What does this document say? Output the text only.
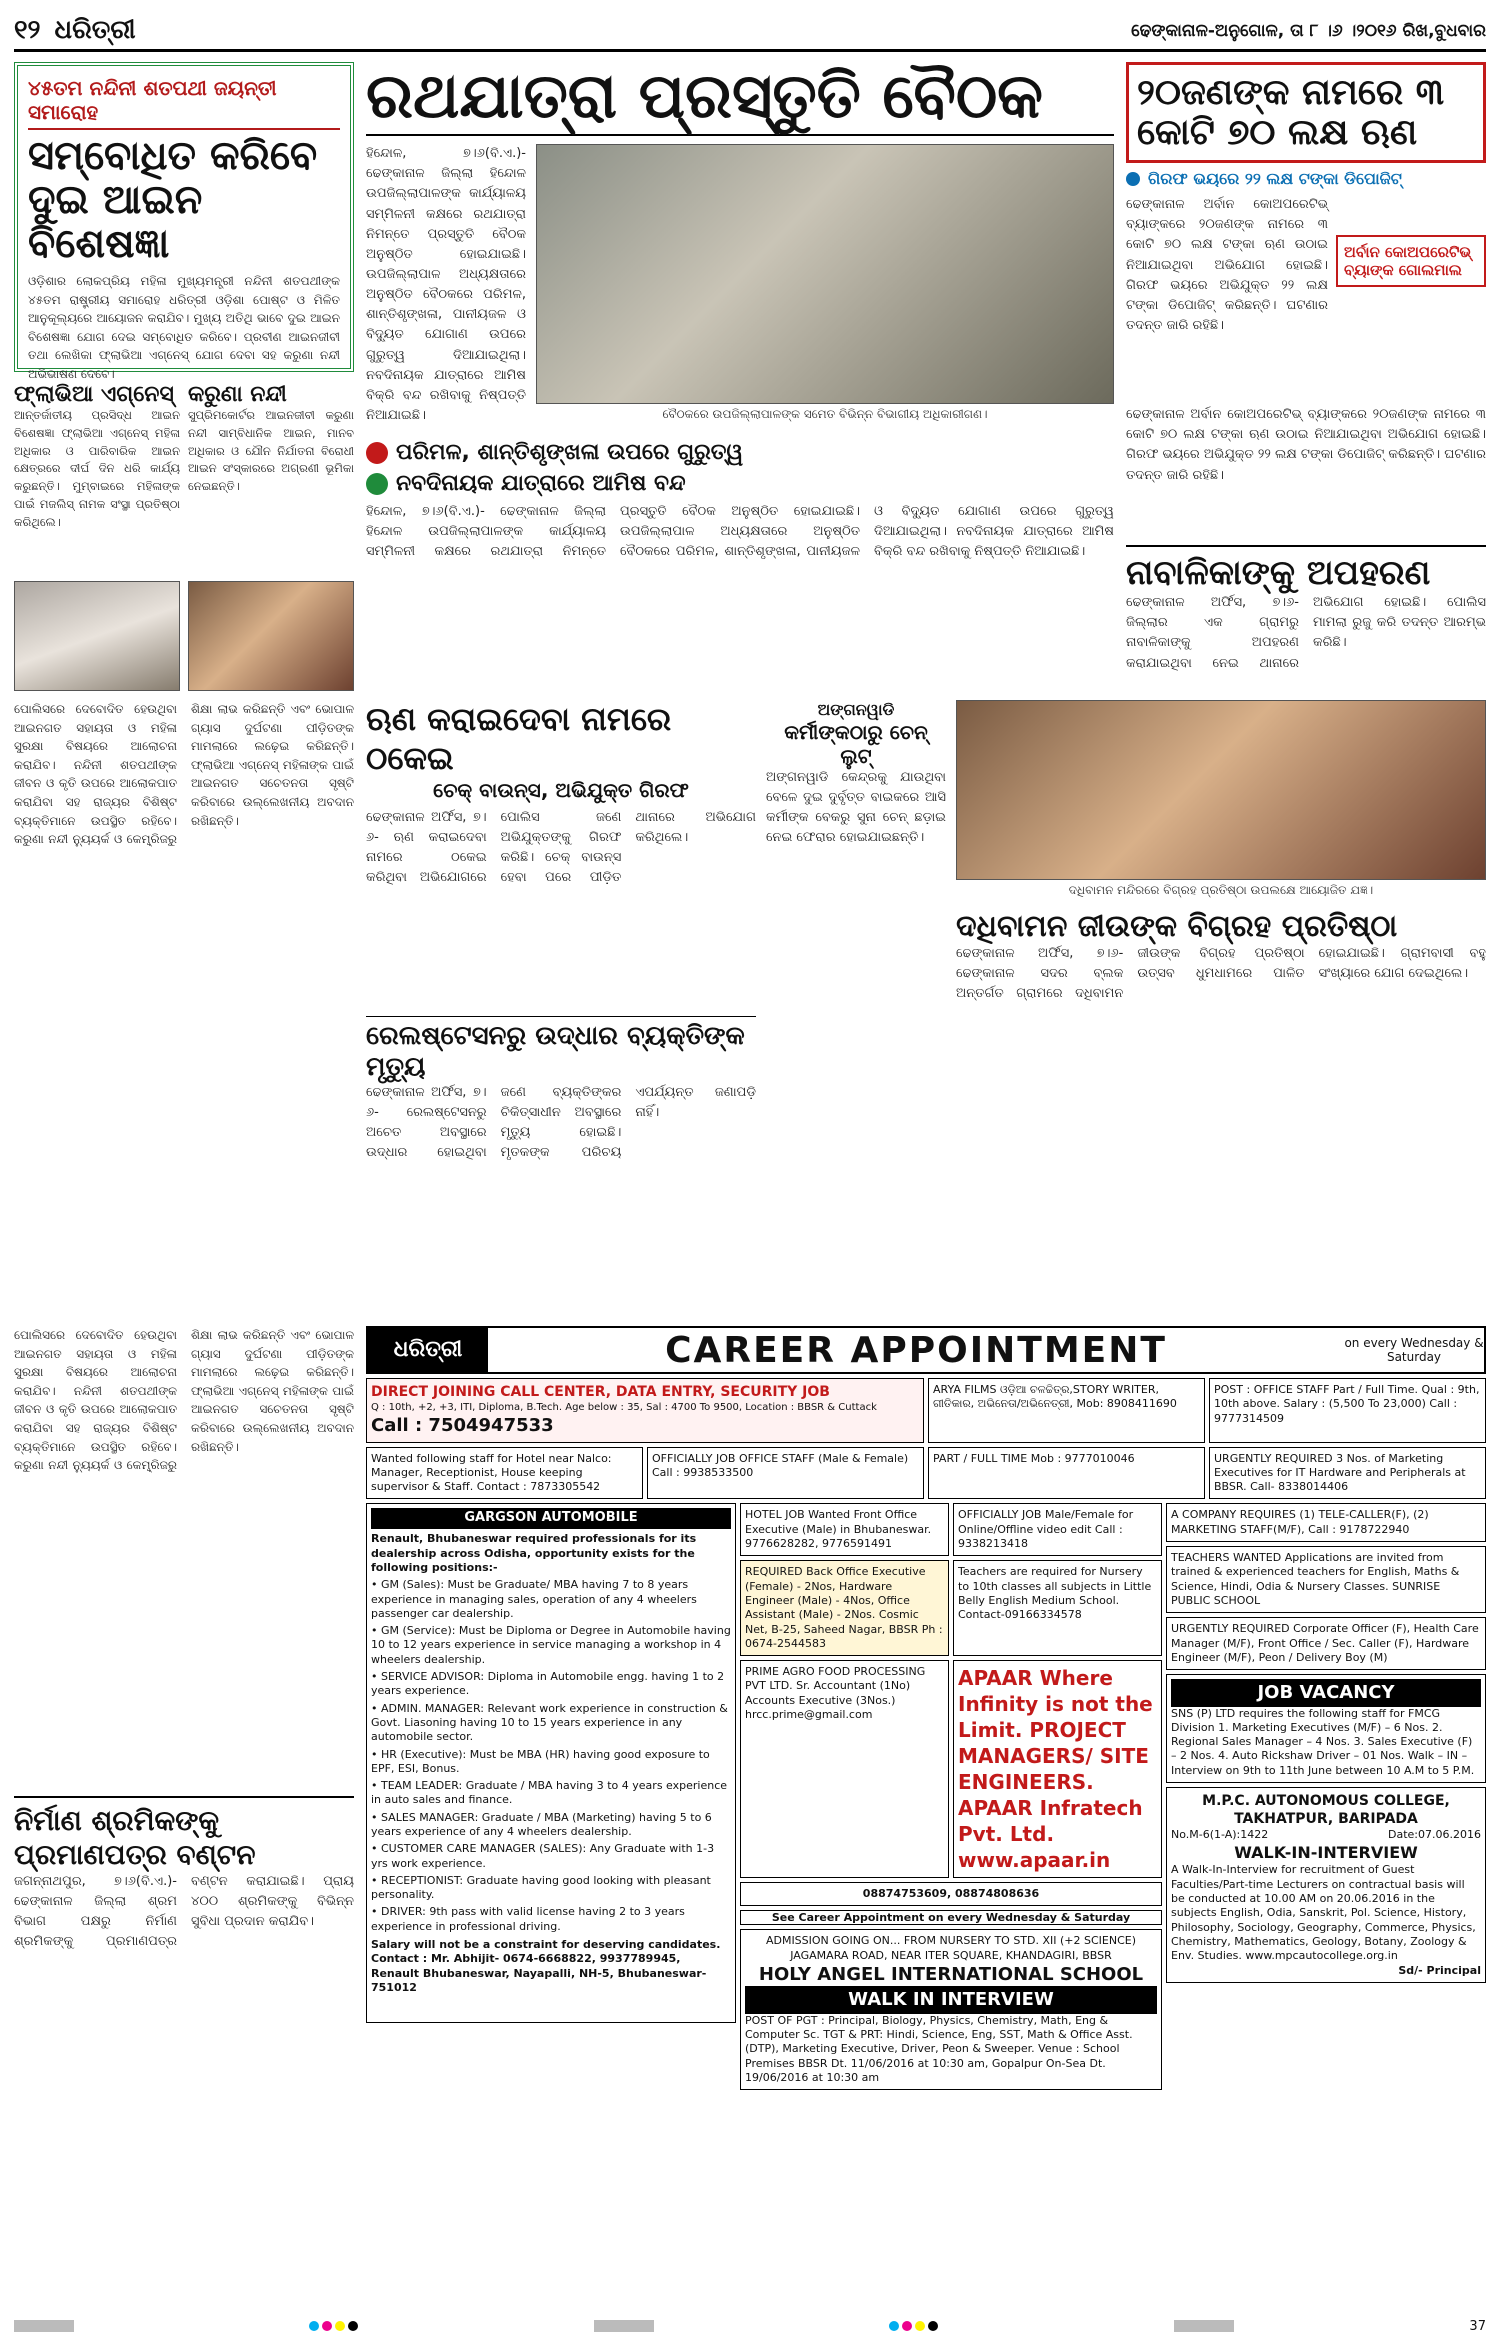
୧୨ ଧରିତ୍ରୀ	ଢେଙ୍କାନାଳ-ଅନୁଗୋଳ, ତା ୮ ।୬ ।୨୦୧୬ ରିଖ,ବୁଧବାର
୪୫ତମ ନନ୍ଦିନୀ ଶତପଥୀ ଜୟନ୍ତୀ ସମାରୋହ
ସମ୍ବୋଧିତ କରିବେ
ଦୁଇ ଆଇନ ବିଶେଷଜ୍ଞା
ଓଡ଼ିଶାର ଲୋକପ୍ରିୟ ମହିଳା ମୁଖ୍ୟମନ୍ତ୍ରୀ ନନ୍ଦିନୀ ଶତପଥୀଙ୍କ ୪୫ତମ ରାଷ୍ଟ୍ରୀୟ ସମାରୋହ ଧରିତ୍ରୀ ଓଡ଼ିଶା ପୋଷ୍ଟ ଓ ମିଳିତ ଆନୁକୂଲ୍ୟରେ ଆୟୋଜନ କରାଯିବ। ମୁଖ୍ୟ ଅତିଥି ଭାବେ ଦୁଇ ଆଇନ ବିଶେଷଜ୍ଞା ଯୋଗ ଦେଇ ସମ୍ବୋଧିତ କରିବେ। ପ୍ରବୀଣ ଆଇନଜୀବୀ ତଥା ଲେଖିକା ଫ୍ଲାଭିଆ ଏଗ୍‌ନେସ୍ ଯୋଗ ଦେବା ସହ କରୁଣା ନନ୍ଦୀ ଅଭିଭାଷଣ ଦେବେ।
ଫ୍ଲାଭିଆ ଏଗ୍‌ନେସ୍
ଆନ୍ତର୍ଜାତୀୟ ପ୍ରସିଦ୍ଧ ଆଇନ ବିଶେଷଜ୍ଞା ଫ୍ଲାଭିଆ ଏଗ୍‌ନେସ୍ ମହିଳା ଅଧିକାର ଓ ପାରିବାରିକ ଆଇନ କ୍ଷେତ୍ରରେ ଦୀର୍ଘ ଦିନ ଧରି କାର୍ଯ୍ୟ କରୁଛନ୍ତି। ମୁମ୍ବାଇରେ ମହିଳାଙ୍କ ପାଇଁ ମଜଲିସ୍ ନାମକ ସଂସ୍ଥା ପ୍ରତିଷ୍ଠା କରିଥିଲେ।
କରୁଣା ନନ୍ଦୀ
ସୁପ୍ରିମକୋର୍ଟର ଆଇନଜୀବୀ କରୁଣା ନନ୍ଦୀ ସାମ୍ବିଧାନିକ ଆଇନ, ମାନବ ଅଧିକାର ଓ ଯୌନ ନିର୍ଯାତନା ବିରୋଧୀ ଆଇନ ସଂସ୍କାରରେ ଅଗ୍ରଣୀ ଭୂମିକା ନେଇଛନ୍ତି।
ରଥଯାତ୍ରା ପ୍ରସ୍ତୁତି ବୈଠକ
ହିନ୍ଦୋଳ, ୭।୬(ବି.ଏ.)- ଢେଙ୍କାନାଳ ଜିଲ୍ଲା ହିନ୍ଦୋଳ ଉପଜିଲ୍ଲାପାଳଙ୍କ କାର୍ଯ୍ୟାଳୟ ସମ୍ମିଳନୀ କକ୍ଷରେ ରଥଯାତ୍ରା ନିମନ୍ତେ ପ୍ରସ୍ତୁତି ବୈଠକ ଅନୁଷ୍ଠିତ ହୋଇଯାଇଛି। ଉପଜିଲ୍ଲାପାଳ ଅଧ୍ୟକ୍ଷତାରେ ଅନୁଷ୍ଠିତ ବୈଠକରେ ପରିମଳ, ଶାନ୍ତିଶୃଙ୍ଖଳା, ପାନୀୟଜଳ ଓ ବିଦ୍ୟୁତ ଯୋଗାଣ ଉପରେ ଗୁରୁତ୍ୱ ଦିଆଯାଇଥିଲା। ନବଦିନାୟକ ଯାତ୍ରାରେ ଆମିଷ ବିକ୍ରି ବନ୍ଦ ରଖିବାକୁ ନିଷ୍ପତ୍ତି ନିଆଯାଇଛି।	ବୈଠକରେ ଉପଜିଲ୍ଲାପାଳଙ୍କ ସମେତ ବିଭିନ୍ନ ବିଭାଗୀୟ ଅଧିକାରୀଗଣ।
ପରିମଳ, ଶାନ୍ତିଶୃଙ୍ଖଳା ଉପରେ ଗୁରୁତ୍ୱ
ନବଦିନାୟକ ଯାତ୍ରାରେ ଆମିଷ ବନ୍ଦ
ହିନ୍ଦୋଳ, ୭।୬(ବି.ଏ.)- ଢେଙ୍କାନାଳ ଜିଲ୍ଲା ହିନ୍ଦୋଳ ଉପଜିଲ୍ଲାପାଳଙ୍କ କାର୍ଯ୍ୟାଳୟ ସମ୍ମିଳନୀ କକ୍ଷରେ ରଥଯାତ୍ରା ନିମନ୍ତେ ପ୍ରସ୍ତୁତି ବୈଠକ ଅନୁଷ୍ଠିତ ହୋଇଯାଇଛି। ଉପଜିଲ୍ଲାପାଳ ଅଧ୍ୟକ୍ଷତାରେ ଅନୁଷ୍ଠିତ ବୈଠକରେ ପରିମଳ, ଶାନ୍ତିଶୃଙ୍ଖଳା, ପାନୀୟଜଳ ଓ ବିଦ୍ୟୁତ ଯୋଗାଣ ଉପରେ ଗୁରୁତ୍ୱ ଦିଆଯାଇଥିଲା। ନବଦିନାୟକ ଯାତ୍ରାରେ ଆମିଷ ବିକ୍ରି ବନ୍ଦ ରଖିବାକୁ ନିଷ୍ପତ୍ତି ନିଆଯାଇଛି।
୨୦ଜଣଙ୍କ ନାମରେ ୩
କୋଟି ୭୦ ଲକ୍ଷ ଋଣ
ଗିରଫ ଭୟରେ ୨୨ ଲକ୍ଷ ଟଙ୍କା ଡିପୋଜିଟ୍
ଢେଙ୍କାନାଳ ଅର୍ବାନ କୋଅପରେଟିଭ୍ ବ୍ୟାଙ୍କରେ ୨୦ଜଣଙ୍କ ନାମରେ ୩ କୋଟି ୭୦ ଲକ୍ଷ ଟଙ୍କା ଋଣ ଉଠାଇ ନିଆଯାଇଥିବା ଅଭିଯୋଗ ହୋଇଛି। ଗିରଫ ଭୟରେ ଅଭିଯୁକ୍ତ ୨୨ ଲକ୍ଷ ଟଙ୍କା ଡିପୋଜିଟ୍ କରିଛନ୍ତି। ଘଟଣାର ତଦନ୍ତ ଜାରି ରହିଛି।
ଅର୍ବାନ କୋଅପରେଟିଭ୍
ବ୍ୟାଙ୍କ ଗୋଲମାଲ
ଢେଙ୍କାନାଳ ଅର୍ବାନ କୋଅପରେଟିଭ୍ ବ୍ୟାଙ୍କରେ ୨୦ଜଣଙ୍କ ନାମରେ ୩ କୋଟି ୭୦ ଲକ୍ଷ ଟଙ୍କା ଋଣ ଉଠାଇ ନିଆଯାଇଥିବା ଅଭିଯୋଗ ହୋଇଛି। ଗିରଫ ଭୟରେ ଅଭିଯୁକ୍ତ ୨୨ ଲକ୍ଷ ଟଙ୍କା ଡିପୋଜିଟ୍ କରିଛନ୍ତି। ଘଟଣାର ତଦନ୍ତ ଜାରି ରହିଛି।
ନାବାଳିକାଙ୍କୁ ଅପହରଣ
ଢେଙ୍କାନାଳ ଅର୍ଫିସ, ୭।୬- ଜିଲ୍ଲାର ଏକ ଗ୍ରାମରୁ ନାବାଳିକାଙ୍କୁ ଅପହରଣ କରାଯାଇଥିବା ନେଇ ଥାନାରେ ଅଭିଯୋଗ ହୋଇଛି। ପୋଲିସ ମାମଲା ରୁଜୁ କରି ତଦନ୍ତ ଆରମ୍ଭ କରିଛି।
ପୋଲିସରେ ଦେବୋଦିତ ହେଉଥିବା ଆଇନଗତ ସହାୟତା ଓ ମହିଳା ସୁରକ୍ଷା ବିଷୟରେ ଆଲୋଚନା କରାଯିବ। ନନ୍ଦିନୀ ଶତପଥୀଙ୍କ ଜୀବନ ଓ କୃତି ଉପରେ ଆଲୋକପାତ କରାଯିବା ସହ ରାଜ୍ୟର ବିଶିଷ୍ଟ ବ୍ୟକ୍ତିମାନେ ଉପସ୍ଥିତ ରହିବେ। କରୁଣା ନନ୍ଦୀ ନ୍ୟୁୟର୍କ ଓ କେମ୍ବ୍ରିଜରୁ ଶିକ୍ଷା ଲାଭ କରିଛନ୍ତି ଏବଂ ଭୋପାଳ ଗ୍ୟାସ ଦୁର୍ଘଟଣା ପୀଡ଼ିତଙ୍କ ମାମଲାରେ ଲଢ଼େଇ କରିଛନ୍ତି। ଫ୍ଲାଭିଆ ଏଗ୍‌ନେସ୍ ମହିଳାଙ୍କ ପାଇଁ ଆଇନଗତ ସଚେତନତା ସୃଷ୍ଟି କରିବାରେ ଉଲ୍ଲେଖନୀୟ ଅବଦାନ ରଖିଛନ୍ତି।
ଋଣ କରାଇଦେବା ନାମରେ ଠକେଇ
ଚେକ୍ ବାଉନ୍ସ, ଅଭିଯୁକ୍ତ ଗିରଫ
ଢେଙ୍କାନାଳ ଅର୍ଫିସ, ୭।୬- ଋଣ କରାଇଦେବା ନାମରେ ଠକେଇ କରିଥିବା ଅଭିଯୋଗରେ ପୋଲିସ ଜଣେ ଅଭିଯୁକ୍ତଙ୍କୁ ଗିରଫ କରିଛି। ଚେକ୍ ବାଉନ୍ସ ହେବା ପରେ ପୀଡ଼ିତ ଥାନାରେ ଅଭିଯୋଗ କରିଥିଲେ।
ରେଲଷ୍ଟେସନରୁ ଉଦ୍ଧାର ବ୍ୟକ୍ତିଙ୍କ ମୃତ୍ୟୁ
ଢେଙ୍କାନାଳ ଅର୍ଫିସ, ୭।୬- ରେଲଷ୍ଟେସନରୁ ଅଚେତ ଅବସ୍ଥାରେ ଉଦ୍ଧାର ହୋଇଥିବା ଜଣେ ବ୍ୟକ୍ତିଙ୍କର ଚିକିତ୍ସାଧୀନ ଅବସ୍ଥାରେ ମୃତ୍ୟୁ ହୋଇଛି। ମୃତକଙ୍କ ପରିଚୟ ଏପର୍ଯ୍ୟନ୍ତ ଜଣାପଡ଼ି ନାହିଁ।
ଅଙ୍ଗନୱାଡି
କର୍ମୀଙ୍କଠାରୁ ଚେନ୍ ଲୁଟ୍
ଅଙ୍ଗନୱାଡି କେନ୍ଦ୍ରକୁ ଯାଉଥିବା ବେଳେ ଦୁଇ ଦୁର୍ବୃତ୍ତ ବାଇକରେ ଆସି କର୍ମୀଙ୍କ ବେକରୁ ସୁନା ଚେନ୍ ଛଡ଼ାଇ ନେଇ ଫେରାର ହୋଇଯାଇଛନ୍ତି।
ଦଧିବାମନ ମନ୍ଦିରରେ ବିଗ୍ରହ ପ୍ରତିଷ୍ଠା ଉପଲକ୍ଷେ ଆୟୋଜିତ ଯଜ୍ଞ।
ଦଧିବାମନ ଜୀଉଙ୍କ ବିଗ୍ରହ ପ୍ରତିଷ୍ଠା
ଢେଙ୍କାନାଳ ଅର୍ଫିସ, ୭।୬- ଢେଙ୍କାନାଳ ସଦର ବ୍ଲକ ଅନ୍ତର୍ଗତ ଗ୍ରାମରେ ଦଧିବାମନ ଜୀଉଙ୍କ ବିଗ୍ରହ ପ୍ରତିଷ୍ଠା ଉତ୍ସବ ଧୁମଧାମରେ ପାଳିତ ହୋଇଯାଇଛି। ଗ୍ରାମବାସୀ ବହୁ ସଂଖ୍ୟାରେ ଯୋଗ ଦେଇଥିଲେ।
ପୋଲିସରେ ଦେବୋଦିତ ହେଉଥିବା ଆଇନଗତ ସହାୟତା ଓ ମହିଳା ସୁରକ୍ଷା ବିଷୟରେ ଆଲୋଚନା କରାଯିବ। ନନ୍ଦିନୀ ଶତପଥୀଙ୍କ ଜୀବନ ଓ କୃତି ଉପରେ ଆଲୋକପାତ କରାଯିବା ସହ ରାଜ୍ୟର ବିଶିଷ୍ଟ ବ୍ୟକ୍ତିମାନେ ଉପସ୍ଥିତ ରହିବେ। କରୁଣା ନନ୍ଦୀ ନ୍ୟୁୟର୍କ ଓ କେମ୍ବ୍ରିଜରୁ ଶିକ୍ଷା ଲାଭ କରିଛନ୍ତି ଏବଂ ଭୋପାଳ ଗ୍ୟାସ ଦୁର୍ଘଟଣା ପୀଡ଼ିତଙ୍କ ମାମଲାରେ ଲଢ଼େଇ କରିଛନ୍ତି। ଫ୍ଲାଭିଆ ଏଗ୍‌ନେସ୍ ମହିଳାଙ୍କ ପାଇଁ ଆଇନଗତ ସଚେତନତା ସୃଷ୍ଟି କରିବାରେ ଉଲ୍ଲେଖନୀୟ ଅବଦାନ ରଖିଛନ୍ତି।
ନିର୍ମାଣ ଶ୍ରମିକଙ୍କୁ ପ୍ରମାଣପତ୍ର ବଣ୍ଟନ
ଜଗନ୍ନାଥପୁର, ୭।୬(ବି.ଏ.)- ଢେଙ୍କାନାଳ ଜିଲ୍ଲା ଶ୍ରମ ବିଭାଗ ପକ୍ଷରୁ ନିର୍ମାଣ ଶ୍ରମିକଙ୍କୁ ପ୍ରମାଣପତ୍ର ବଣ୍ଟନ କରାଯାଇଛି। ପ୍ରାୟ ୪୦୦ ଶ୍ରମିକଙ୍କୁ ବିଭିନ୍ନ ସୁବିଧା ପ୍ରଦାନ କରାଯିବ।
ଧରିତ୍ରୀ	CAREER APPOINTMENT	on every Wednesday & Saturday
DIRECT JOINING CALL CENTER, DATA ENTRY, SECURITY JOB
Q : 10th, +2, +3, ITI, Diploma, B.Tech. Age below : 35, Sal : 4700 To 9500, Location : BBSR & Cuttack
Call : 7504947533
ARYA FILMS ଓଡ଼ିଆ ଚଳଚ୍ଚିତ୍ର,STORY WRITER, ଗୀତିକାର, ଅଭିନେତା/ଅଭିନେତ୍ରୀ, Mob: 8908411690
POST : OFFICE STAFF Part / Full Time. Qual : 9th, 10th above. Salary : (5,500 To 23,000) Call : 9777314509
Wanted following staff for Hotel near Nalco: Manager, Receptionist, House keeping supervisor & Staff. Contact : 7873305542
OFFICIALLY JOB OFFICE STAFF (Male & Female) Call : 9938533500
PART / FULL TIME Mob : 9777010046	URGENTLY REQUIRED 3 Nos. of Marketing Executives for IT Hardware and Peripherals at BBSR. Call- 8338014406
GARGSON AUTOMOBILE
Renault, Bhubaneswar required professionals for its dealership across Odisha, opportunity exists for the following positions:-
• GM (Sales): Must be Graduate/ MBA having 7 to 8 years experience in managing sales, operation of any 4 wheelers passenger car dealership.
• GM (Service): Must be Diploma or Degree in Automobile having 10 to 12 years experience in service managing a workshop in 4 wheelers dealership.
• SERVICE ADVISOR: Diploma in Automobile engg. having 1 to 2 years experience.
• ADMIN. MANAGER: Relevant work experience in construction & Govt. Liasoning having 10 to 15 years experience in any automobile sector.
• HR (Executive): Must be MBA (HR) having good exposure to EPF, ESI, Bonus.
• TEAM LEADER: Graduate / MBA having 3 to 4 years experience in auto sales and finance.
• SALES MANAGER: Graduate / MBA (Marketing) having 5 to 6 years experience of any 4 wheelers dealership.
• CUSTOMER CARE MANAGER (SALES): Any Graduate with 1-3 yrs work experience.
• RECEPTIONIST: Graduate having good looking with pleasant personality.
• DRIVER: 9th pass with valid license having 2 to 3 years experience in professional driving.
Salary will not be a constraint for deserving candidates. Contact : Mr. Abhijit- 0674-6668822, 9937789945, Renault Bhubaneswar, Nayapalli, NH-5, Bhubaneswar-751012
HOTEL JOB Wanted Front Office Executive (Male) in Bhubaneswar. 9776628282, 9776591491
OFFICIALLY JOB Male/Female for Online/Offline video edit Call : 9338213418
REQUIRED Back Office Executive (Female) - 2Nos, Hardware Engineer (Male) - 4Nos, Office Assistant (Male) - 2Nos. Cosmic Net, B-25, Saheed Nagar, BBSR Ph : 0674-2544583
Teachers are required for Nursery to 10th classes all subjects in Little Belly English Medium School. Contact-09166334578
PRIME AGRO FOOD PROCESSING PVT LTD. Sr. Accountant (1No) Accounts Executive (3Nos.) hrcc.prime@gmail.com
APAAR Where Infinity is not the Limit. PROJECT MANAGERS/ SITE ENGINEERS. APAAR Infratech Pvt. Ltd. www.apaar.in
08874753609, 08874808636
See Career Appointment on every Wednesday & Saturday
ADMISSION GOING ON... FROM NURSERY TO STD. XII (+2 SCIENCE) JAGAMARA ROAD, NEAR ITER SQUARE, KHANDAGIRI, BBSR
HOLY ANGEL INTERNATIONAL SCHOOL
WALK IN INTERVIEW
POST OF PGT : Principal, Biology, Physics, Chemistry, Math, Eng & Computer Sc. TGT & PRT: Hindi, Science, Eng, SST, Math & Office Asst. (DTP), Marketing Executive, Driver, Peon & Sweeper. Venue : School Premises BBSR Dt. 11/06/2016 at 10:30 am, Gopalpur On-Sea Dt. 19/06/2016 at 10:30 am
A COMPANY REQUIRES (1) TELE-CALLER(F), (2) MARKETING STAFF(M/F), Call : 9178722940
TEACHERS WANTED Applications are invited from trained & experienced teachers for English, Maths & Science, Hindi, Odia & Nursery Classes. SUNRISE PUBLIC SCHOOL
URGENTLY REQUIRED Corporate Officer (F), Health Care Manager (M/F), Front Office / Sec. Caller (F), Hardware Engineer (M/F), Peon / Delivery Boy (M)
JOB VACANCY
SNS (P) LTD requires the following staff for FMCG Division 1. Marketing Executives (M/F) – 6 Nos. 2. Regional Sales Manager – 4 Nos. 3. Sales Executive (F) – 2 Nos. 4. Auto Rickshaw Driver – 01 Nos. Walk – IN – Interview on 9th to 11th June between 10 A.M to 5 P.M.
M.P.C. AUTONOMOUS COLLEGE, TAKHATPUR, BARIPADA
No.M-6(1-A):1422	Date:07.06.2016
WALK-IN-INTERVIEW
A Walk-In-Interview for recruitment of Guest Faculties/Part-time Lecturers on contractual basis will be conducted at 10.00 AM on 20.06.2016 in the subjects English, Odia, Sanskrit, Pol. Science, History, Philosophy, Sociology, Geography, Commerce, Physics, Chemistry, Mathematics, Geology, Botany, Zoology & Env. Studies. www.mpcautocollege.org.in
Sd/- Principal
37
